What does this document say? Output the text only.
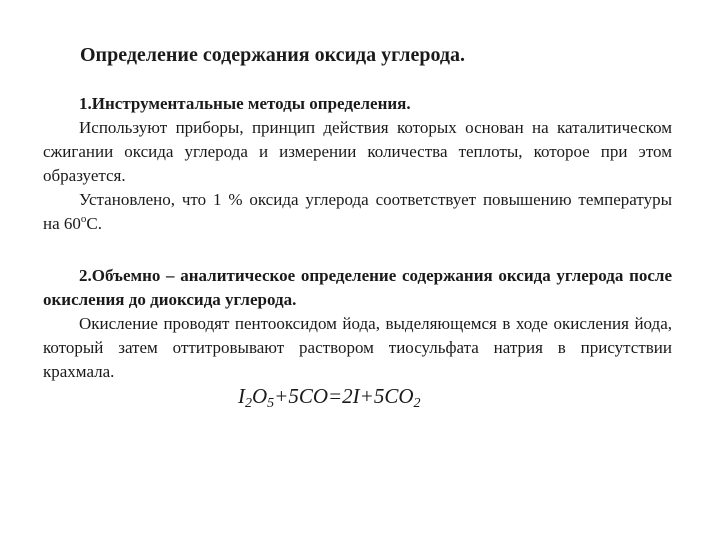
Определение содержания оксида углерода.
1.Инструментальные методы определения.
Используют приборы, принцип действия которых основан на каталитическом сжигании оксида углерода и измерении количества теплоты, которое при этом образуется.
Установлено, что 1 % оксида углерода соответствует повышению температуры на $60^оС$.
2.Объемно – аналитическое определение содержания оксида углерода после окисления до диоксида углерода.
Окисление проводят пентооксидом йода, выделяющемся в ходе окисления йода, который затем оттитровывают раствором тиосульфата натрия в присутствии крахмала.
$I_2O_5+5CO=2I+5CO_2$
